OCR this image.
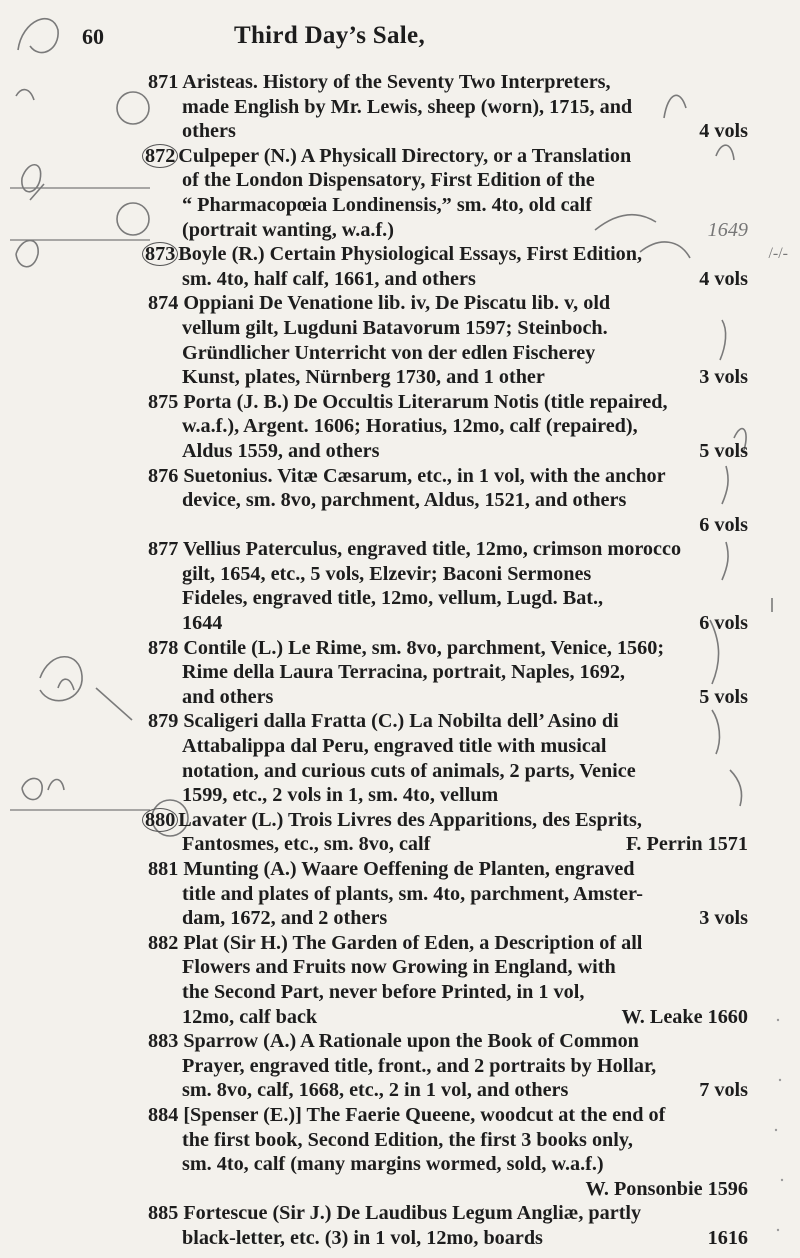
60	Third Day’s Sale,
871 Aristeas. History of the Seventy Two Interpreters,
made English by Mr. Lewis, sheep (worn), 1715, and
others	4 vols
872 Culpeper (N.) A Physicall Directory, or a Translation
of the London Dispensatory, First Edition of the
“ Pharmacopœia Londinensis,” sm. 4to, old calf
(portrait wanting, w.a.f.)	1649
873 Boyle (R.) Certain Physiological Essays, First Edition,
sm. 4to, half calf, 1661, and others	4 vols
/-/-
874 Oppiani De Venatione lib. iv, De Piscatu lib. v, old
vellum gilt, Lugduni Batavorum 1597; Steinboch.
Gründlicher Unterricht von der edlen Fischerey
Kunst, plates, Nürnberg 1730, and 1 other	3 vols
875 Porta (J. B.) De Occultis Literarum Notis (title repaired,
w.a.f.), Argent. 1606; Horatius, 12mo, calf (repaired),
Aldus 1559, and others	5 vols
876 Suetonius. Vitæ Cæsarum, etc., in 1 vol, with the anchor
device, sm. 8vo, parchment, Aldus, 1521, and others
6 vols
877 Vellius Paterculus, engraved title, 12mo, crimson morocco
gilt, 1654, etc., 5 vols, Elzevir; Baconi Sermones
Fideles, engraved title, 12mo, vellum, Lugd. Bat.,
1644	6 vols
878 Contile (L.) Le Rime, sm. 8vo, parchment, Venice, 1560;
Rime della Laura Terracina, portrait, Naples, 1692,
and others	5 vols
879 Scaligeri dalla Fratta (C.) La Nobilta dell’ Asino di
Attabalippa dal Peru, engraved title with musical
notation, and curious cuts of animals, 2 parts, Venice
1599, etc., 2 vols in 1, sm. 4to, vellum
880 Lavater (L.) Trois Livres des Apparitions, des Esprits,
Fantosmes, etc., sm. 8vo, calf	F. Perrin 1571
881 Munting (A.) Waare Oeffening de Planten, engraved
title and plates of plants, sm. 4to, parchment, Amster-
dam, 1672, and 2 others	3 vols
882 Plat (Sir H.) The Garden of Eden, a Description of all
Flowers and Fruits now Growing in England, with
the Second Part, never before Printed, in 1 vol,
12mo, calf back	W. Leake 1660
883 Sparrow (A.) A Rationale upon the Book of Common
Prayer, engraved title, front., and 2 portraits by Hollar,
sm. 8vo, calf, 1668, etc., 2 in 1 vol, and others	7 vols
884 [Spenser (E.)] The Faerie Queene, woodcut at the end of
the first book, Second Edition, the first 3 books only,
sm. 4to, calf (many margins wormed, sold, w.a.f.)
W. Ponsonbie 1596
885 Fortescue (Sir J.) De Laudibus Legum Angliæ, partly
black-letter, etc. (3) in 1 vol, 12mo, boards	1616
